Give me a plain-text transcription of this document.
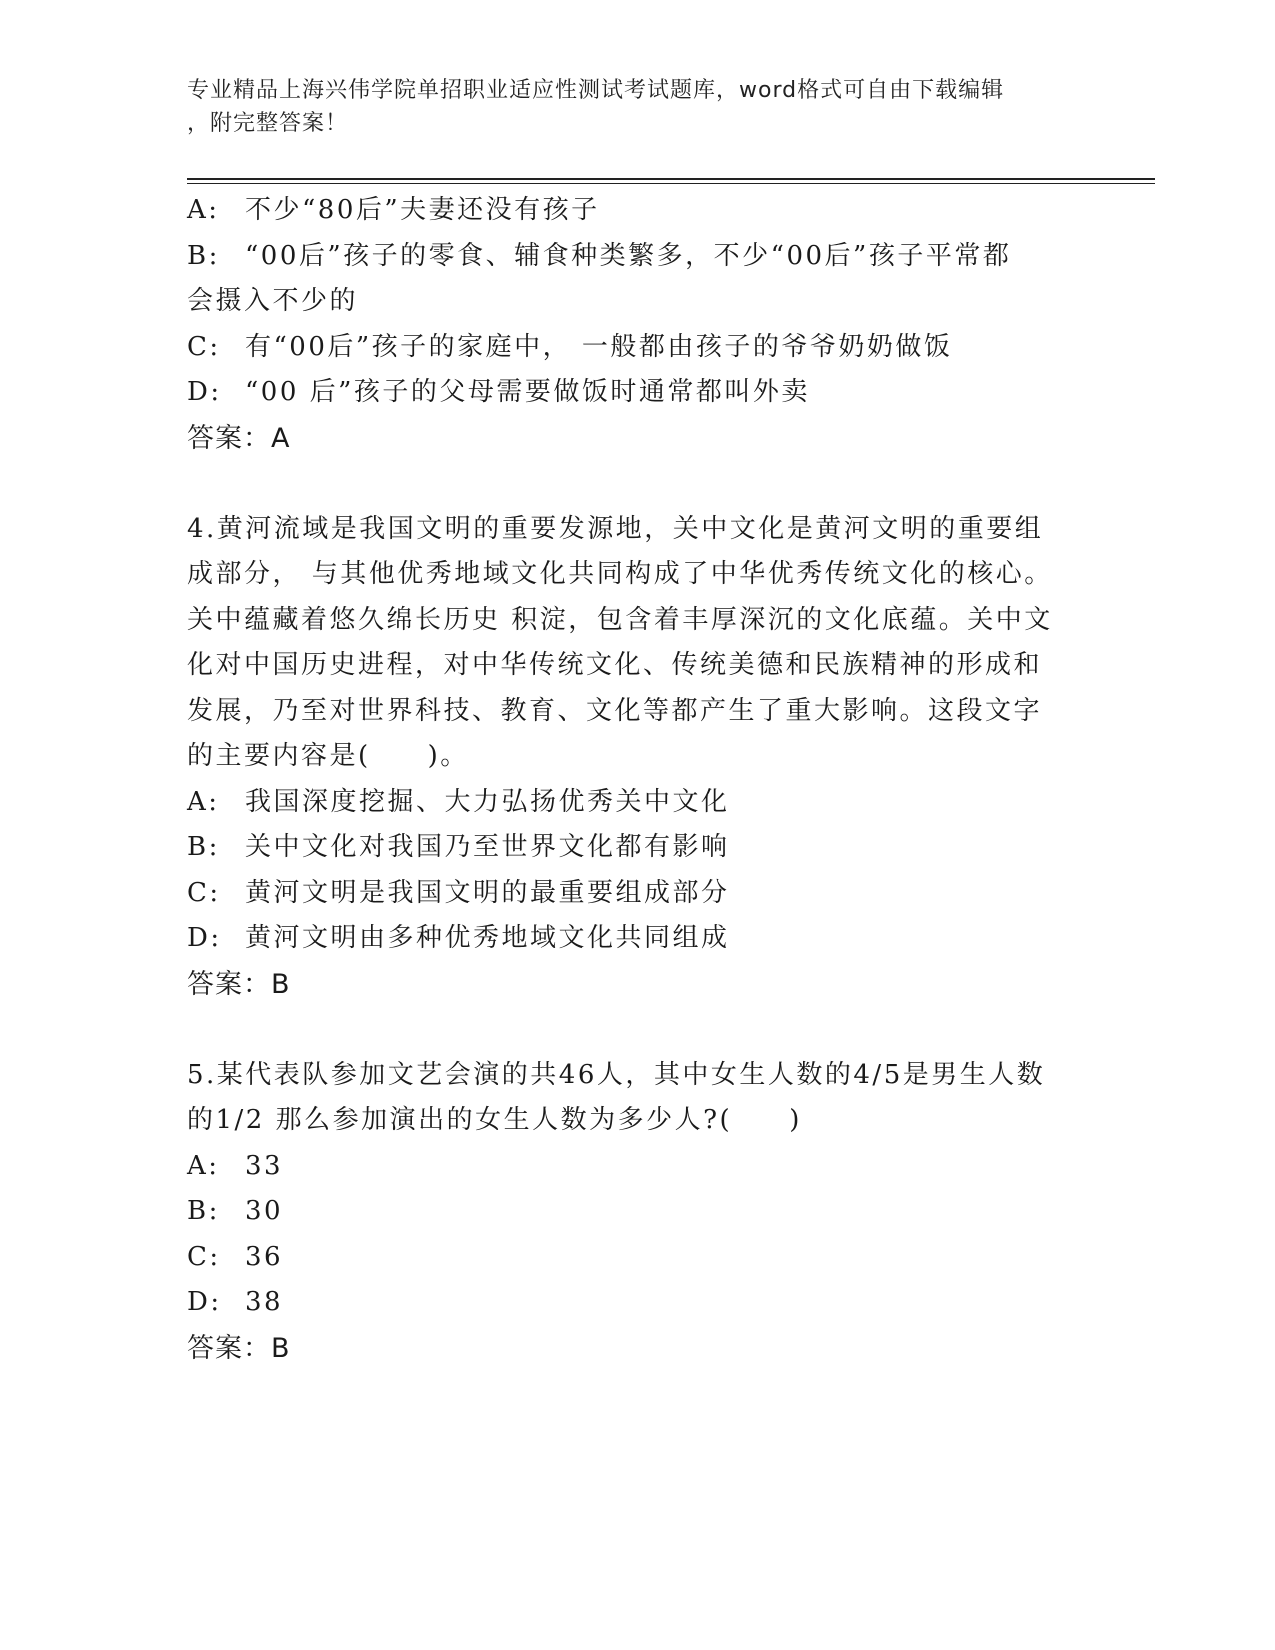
专业精品上海兴伟学院单招职业适应性测试考试题库，word格式可自由下载编辑
，附完整答案！
A: 不少“80后”夫妻还没有孩子
B: “00后”孩子的零食、辅食种类繁多，不少“00后”孩子平常都
会摄入不少的
C: 有“00后”孩子的家庭中， 一般都由孩子的爷爷奶奶做饭
D: “00 后”孩子的父母需要做饭时通常都叫外卖
答案：A
4.黄河流域是我国文明的重要发源地，关中文化是黄河文明的重要组
成部分， 与其他优秀地域文化共同构成了中华优秀传统文化的核心。
关中蕴藏着悠久绵长历史 积淀，包含着丰厚深沉的文化底蕴。关中文
化对中国历史进程，对中华传统文化、传统美德和民族精神的形成和
发展，乃至对世界科技、教育、文化等都产生了重大影响。这段文字
的主要内容是(　　)。
A: 我国深度挖掘、大力弘扬优秀关中文化
B: 关中文化对我国乃至世界文化都有影响
C: 黄河文明是我国文明的最重要组成部分
D: 黄河文明由多种优秀地域文化共同组成
答案：B
5.某代表队参加文艺会演的共46人，其中女生人数的4/5是男生人数
的1/2 那么参加演出的女生人数为多少人?(　　)
A: 33
B: 30
C: 36
D: 38
答案：B
